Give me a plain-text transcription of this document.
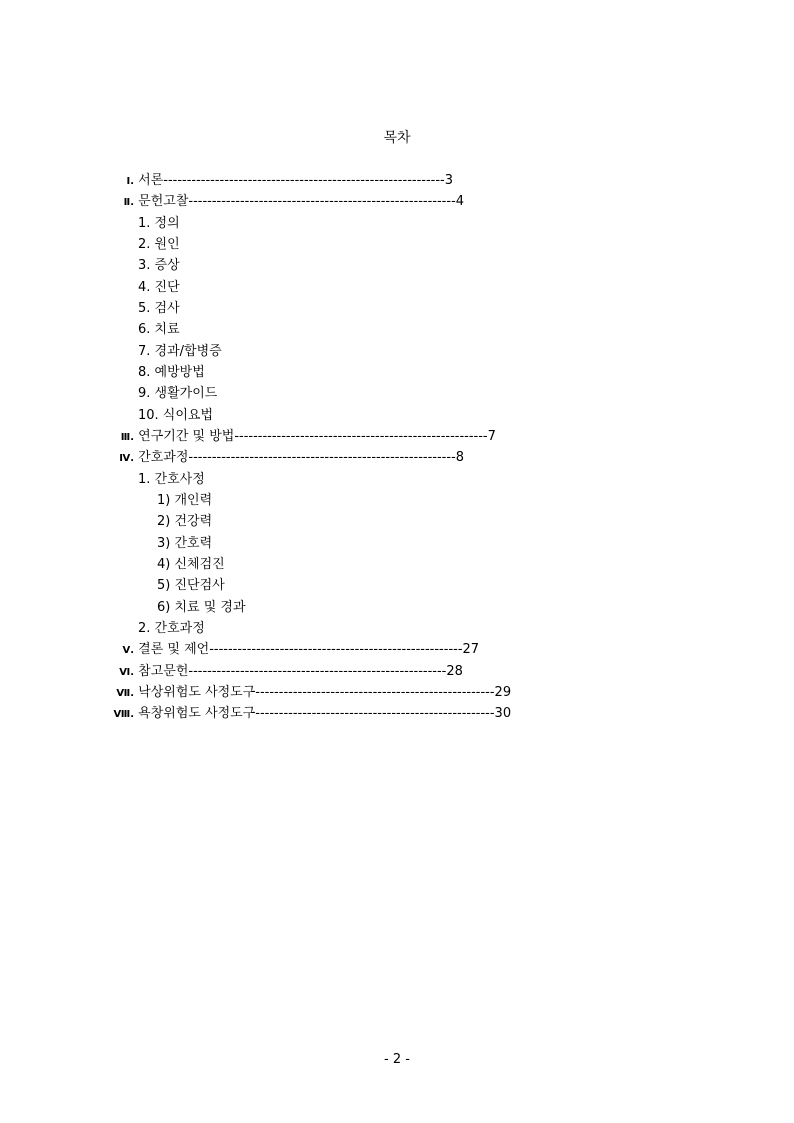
목차
Ⅰ. 서론------------------------------------------------------------3
Ⅱ. 문헌고찰---------------------------------------------------------4
1. 정의
2. 원인
3. 증상
4. 진단
5. 검사
6. 치료
7. 경과/합병증
8. 예방방법
9. 생활가이드
10. 식이요법
Ⅲ. 연구기간 및 방법------------------------------------------------------7
Ⅳ. 간호과정---------------------------------------------------------8
1. 간호사정
1) 개인력
2) 건강력
3) 간호력
4) 신체검진
5) 진단검사
6) 치료 및 경과
2. 간호과정
Ⅴ. 결론 및 제언------------------------------------------------------27
Ⅵ. 참고문헌-------------------------------------------------------28
Ⅶ. 낙상위험도 사정도구---------------------------------------------------29
Ⅷ. 욕창위험도 사정도구---------------------------------------------------30
- 2 -
